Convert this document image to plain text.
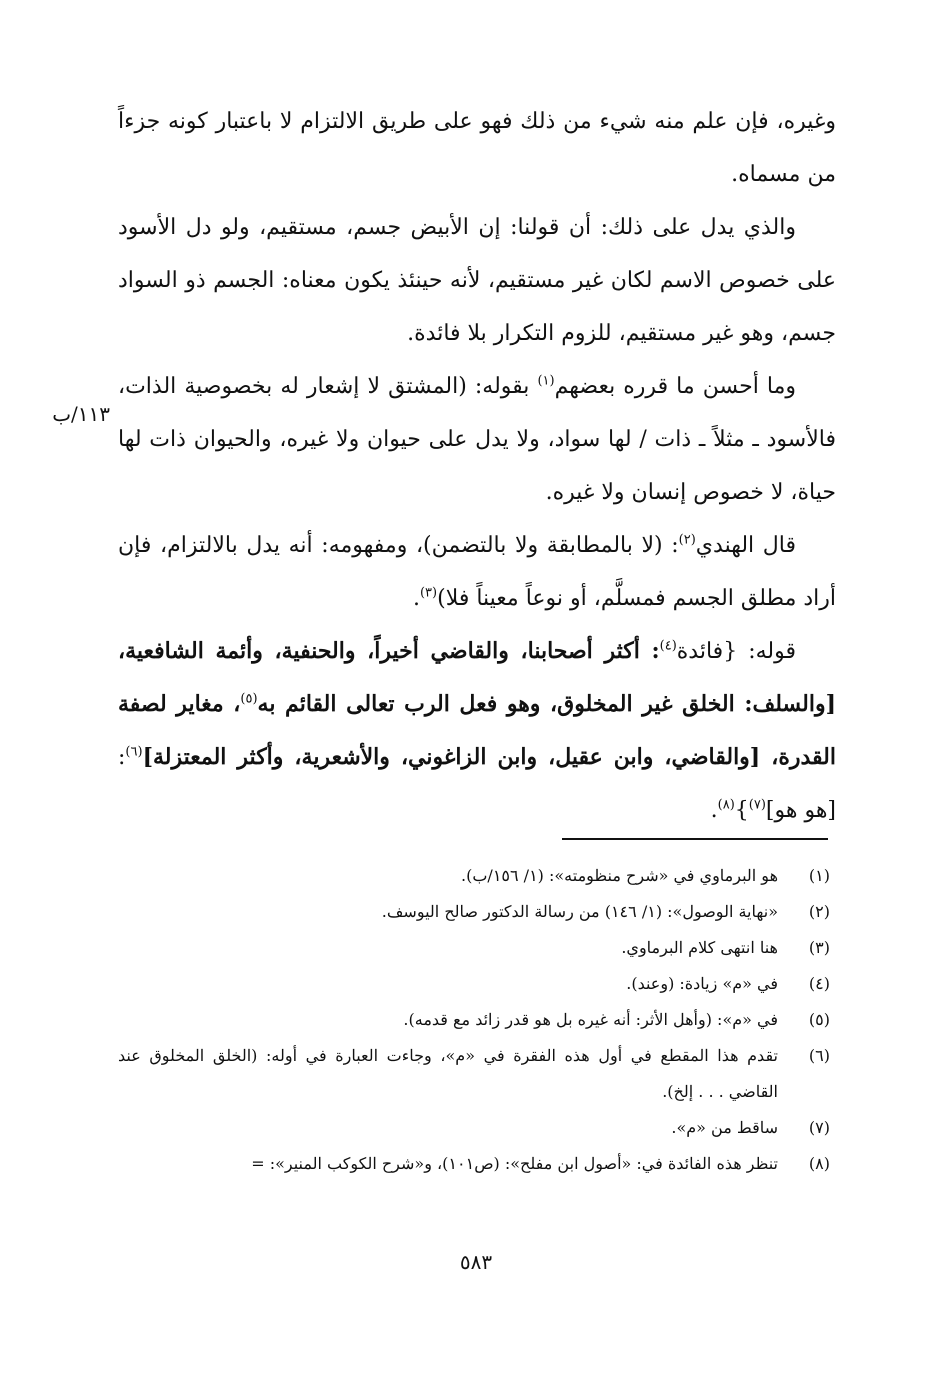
وغيره، فإن علم منه شيء من ذلك فهو على طريق الالتزام لا باعتبار كونه جزءاً من مسماه.

والذي يدل على ذلك: أن قولنا: إن الأبيض جسم، مستقيم، ولو دل الأسود على خصوص الاسم لكان غير مستقيم، لأنه حينئذ يكون معناه: الجسم ذو السواد جسم، وهو غير مستقيم، للزوم التكرار بلا فائدة.

وما أحسن ما قرره بعضهم$^{(١)}$ بقوله: (المشتق لا إشعار له بخصوصية الذات، فالأسود ـ مثلاً ـ ذات / لها سواد، ولا يدل على حيوان ولا غيره، والحيوان ذات لها حياة، لا خصوص إنسان ولا غيره.

قال الهندي$^{(٢)}$: (لا بالمطابقة ولا بالتضمن)، ومفهومه: أنه يدل بالالتزام، فإن أراد مطلق الجسم فمسلَّم، أو نوعاً معيناً فلا)$^{(٣)}$.

قوله: {فائدة$^{(٤)}$: أكثر أصحابنا، والقاضي أخيراً، والحنفية، وأئمة الشافعية، [والسلف: الخلق غير المخلوق، وهو فعل الرب تعالى القائم به$^{(٥)}$، مغاير لصفة القدرة، [والقاضي، وابن عقيل، وابن الزاغوني، والأشعرية، وأكثر المعتزلة]$^{(٦)}$: [هو هو]$^{(٧)}$}$^{(٨)}$.

١١٣/ب
(١)
هو البرماوي في «شرح منظومته»: (١/ ١٥٦/ب).
(٢)
«نهاية الوصول»: (١/ ١٤٦) من رسالة الدكتور صالح اليوسف.
(٣)
هنا انتهى كلام البرماوي.
(٤)
في «م» زيادة: (وعند).
(٥)
في «م»: (وأهل الأثر: أنه غيره بل هو قدر زائد مع قدمه).
(٦)
تقدم هذا المقطع في أول هذه الفقرة في «م»، وجاءت العبارة في أوله: (الخلق المخلوق عند القاضي . . . إلخ).
(٧)
ساقط من «م».
(٨)
تنظر هذه الفائدة في: «أصول ابن مفلح»: (ص١٠١)، و«شرح الكوكب المنير»: =
٥٨٣
